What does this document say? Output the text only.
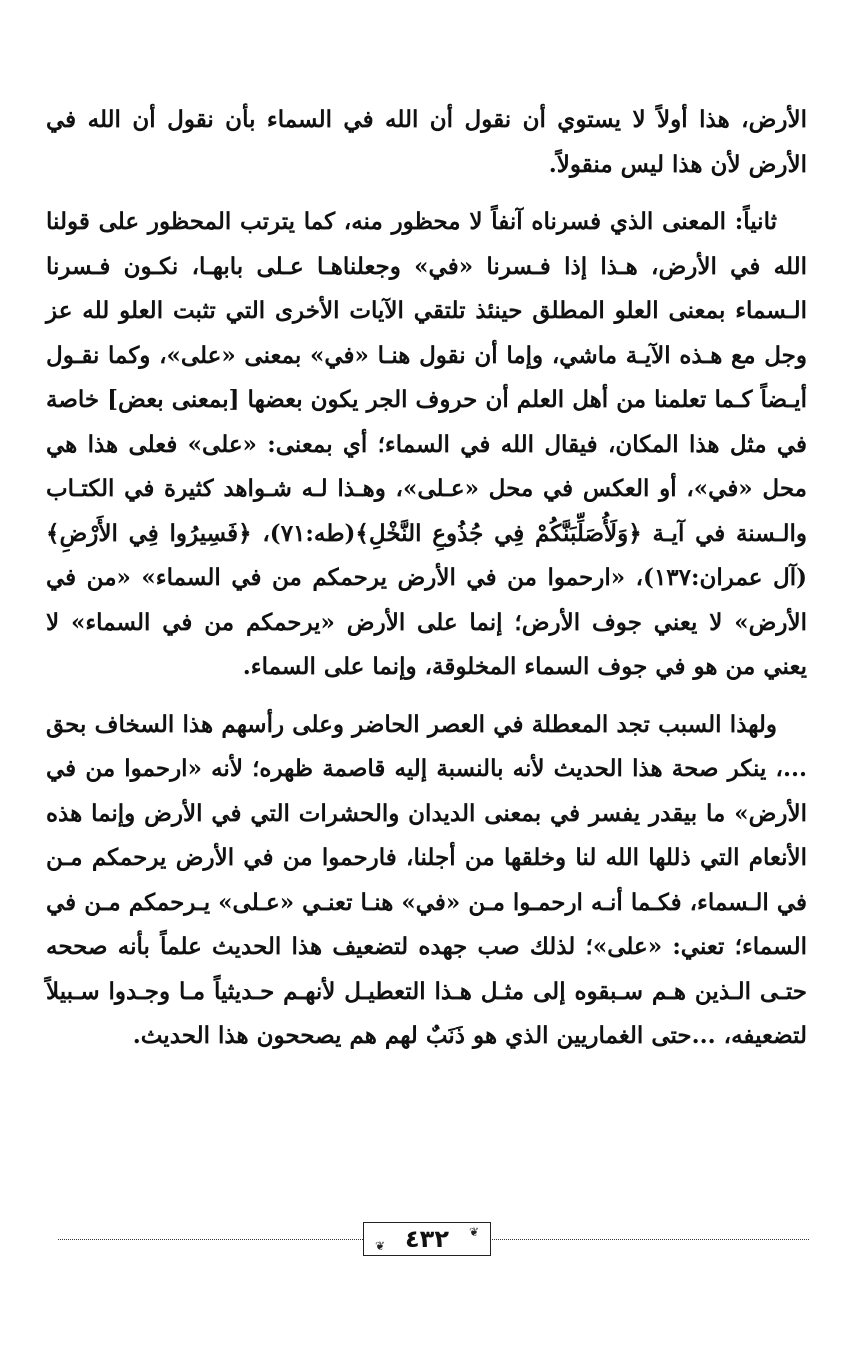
الأرض، هذا أولاً لا يستوي أن نقول أن الله في السماء بأن نقول أن الله في الأرض لأن هذا ليس منقولاً.

ثانياً: المعنى الذي فسرناه آنفاً لا محظور منه، كما يترتب المحظور على قولنا الله في الأرض، هـذا إذا فـسرنا «في» وجعلناهـا عـلى بابهـا، نكـون فـسرنا الـسماء بمعنى العلو المطلق حينئذ تلتقي الآيات الأخرى التي تثبت العلو لله عز وجل مع هـذه الآيـة ماشي، وإما أن نقول هنـا «في» بمعنى «على»، وكما نقـول أيـضاً كـما تعلمنا من أهل العلم أن حروف الجر يكون بعضها [بمعنى بعض] خاصة في مثل هذا المكان، فيقال الله في السماء؛ أي بمعنى: «على» فعلى هذا هي محل «في»، أو العكس في محل «عـلى»، وهـذا لـه شـواهد كثيرة في الكتـاب والـسنة في آيـة ﴿وَلَأُصَلِّبَنَّكُمْ فِي جُذُوعِ النَّخْلِ﴾(طه:٧١)، ﴿فَسِيرُوا فِي الأَرْضِ﴾(آل عمران:١٣٧)، «ارحموا من في الأرض يرحمكم من في السماء» «من في الأرض» لا يعني جوف الأرض؛ إنما على الأرض «يرحمكم من في السماء» لا يعني من هو في جوف السماء المخلوقة، وإنما على السماء.

ولهذا السبب تجد المعطلة في العصر الحاضر وعلى رأسهم هذا السخاف بحق ...، ينكر صحة هذا الحديث لأنه بالنسبة إليه قاصمة ظهره؛ لأنه «ارحموا من في الأرض» ما بيقدر يفسر في بمعنى الديدان والحشرات التي في الأرض وإنما هذه الأنعام التي ذللها الله لنا وخلقها من أجلنا، فارحموا من في الأرض يرحمكم مـن في الـسماء، فكـما أنـه ارحمـوا مـن «في» هنـا تعنـي «عـلى» يـرحمكم مـن في السماء؛ تعني: «على»؛ لذلك صب جهده لتضعيف هذا الحديث علماً بأنه صححه حتـى الـذين هـم سـبقوه إلى مثـل هـذا التعطيـل لأنهـم حـديثياً مـا وجـدوا سـبيلاً لتضعيفه، ...حتى الغماريين الذي هو ذَنَبٌ لهم هم يصححون هذا الحديث.

❦
٤٣٢
❦
